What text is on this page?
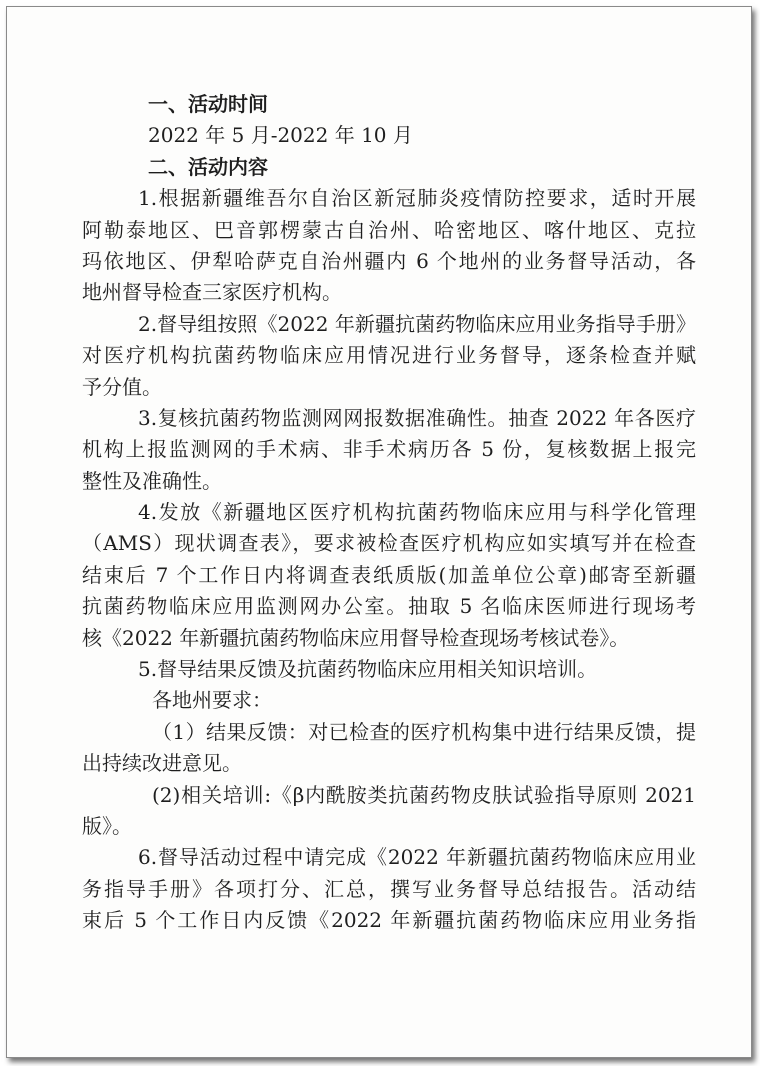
一、活动时间
2022 年 5 月-2022 年 10 月
二、活动内容
1.根据新疆维吾尔自治区新冠肺炎疫情防控要求，适时开展
阿勒泰地区、巴音郭楞蒙古自治州、哈密地区、喀什地区、克拉
玛依地区、伊犁哈萨克自治州疆内 6 个地州的业务督导活动，各
地州督导检查三家医疗机构。
2.督导组按照《2022 年新疆抗菌药物临床应用业务指导手册》
对医疗机构抗菌药物临床应用情况进行业务督导，逐条检查并赋
予分值。
3.复核抗菌药物监测网网报数据准确性。抽查 2022 年各医疗
机构上报监测网的手术病、非手术病历各 5 份，复核数据上报完
整性及准确性。
4.发放《新疆地区医疗机构抗菌药物临床应用与科学化管理
（AMS）现状调查表》，要求被检查医疗机构应如实填写并在检查
结束后 7 个工作日内将调查表纸质版(加盖单位公章)邮寄至新疆
抗菌药物临床应用监测网办公室。抽取 5 名临床医师进行现场考
核《2022 年新疆抗菌药物临床应用督导检查现场考核试卷》。
5.督导结果反馈及抗菌药物临床应用相关知识培训。
各地州要求：
（1）结果反馈：对已检查的医疗机构集中进行结果反馈，提
出持续改进意见。
(2)相关培训:《β内酰胺类抗菌药物皮肤试验指导原则 2021
版》。
6.督导活动过程中请完成《2022 年新疆抗菌药物临床应用业
务指导手册》各项打分、汇总，撰写业务督导总结报告。活动结
束后 5 个工作日内反馈《2022 年新疆抗菌药物临床应用业务指
